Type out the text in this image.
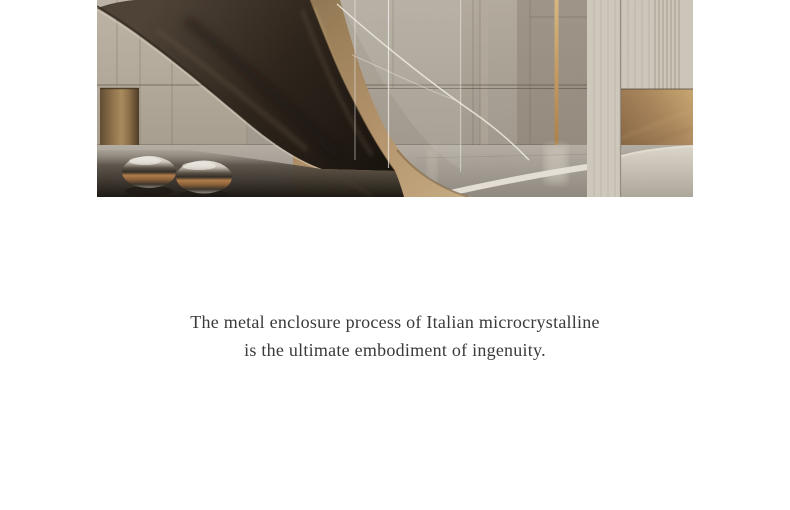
The metal enclosure process of Italian microcrystalline
is the ultimate embodiment of ingenuity.
